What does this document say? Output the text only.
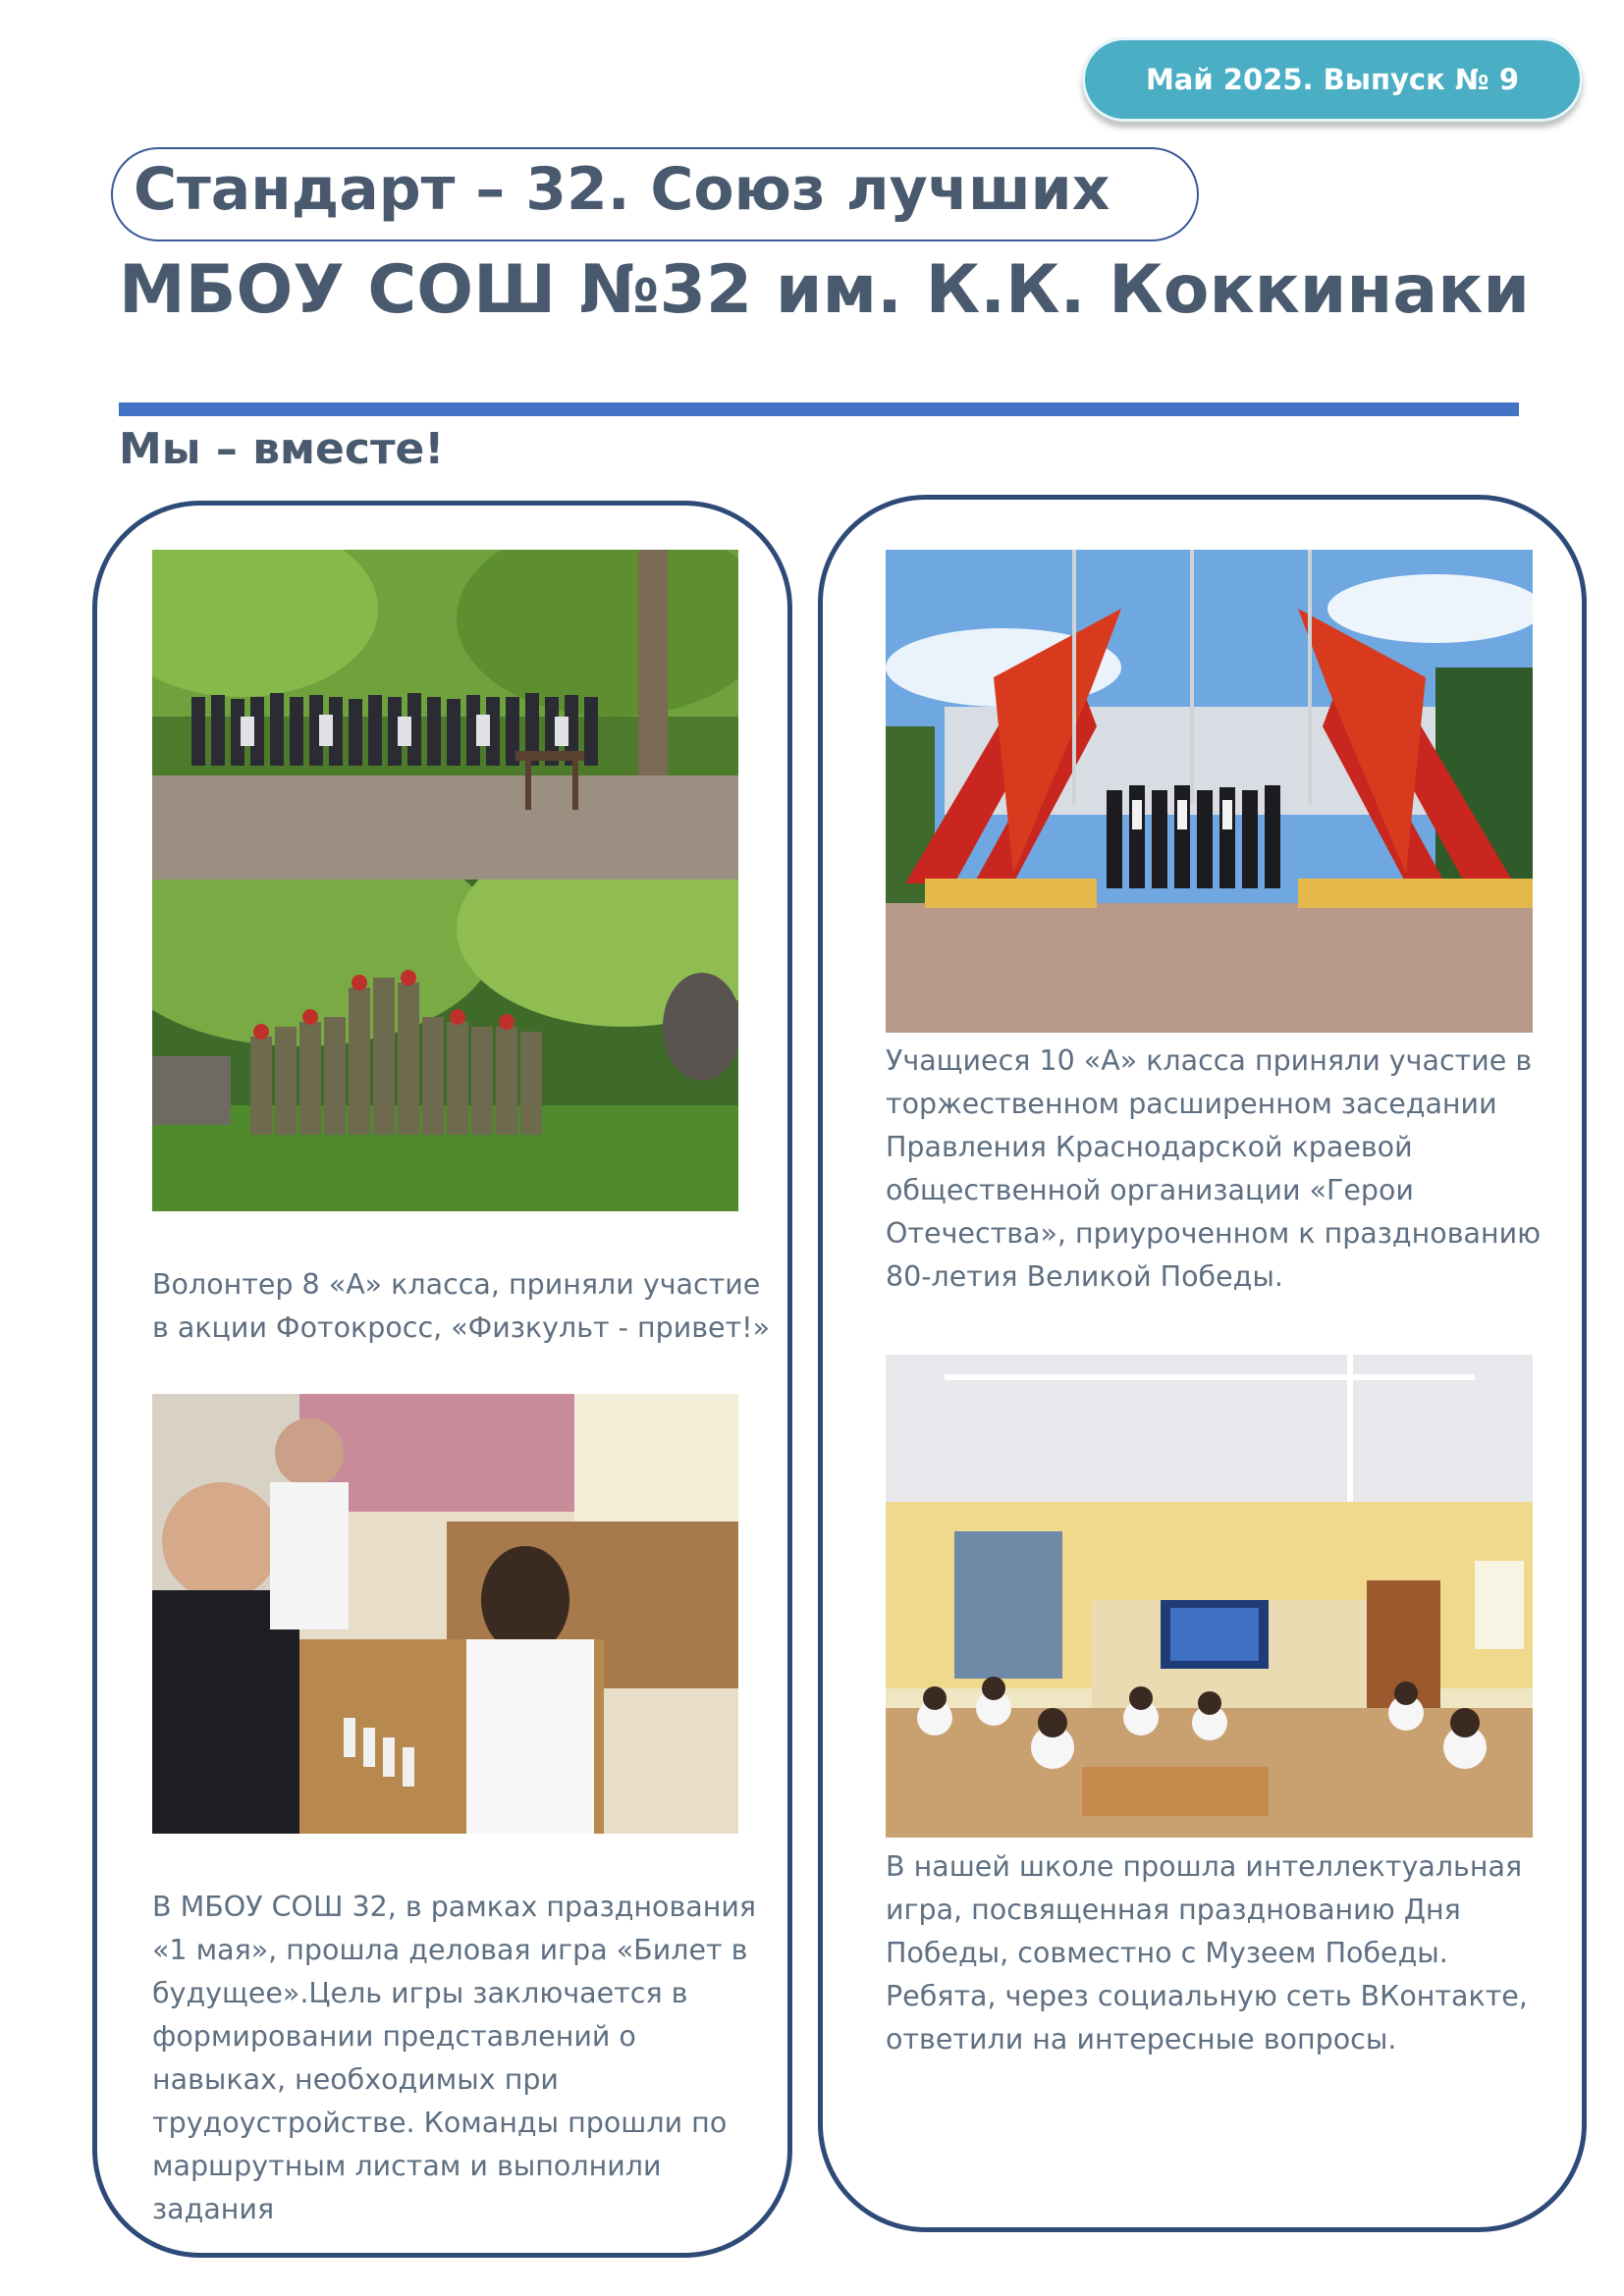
Май 2025. Выпуск № 9
Стандарт – 32. Союз лучших
МБОУ СОШ №32 им. К.К. Коккинаки
Мы – вместе!
Волонтер 8 «А» класса, приняли участие
в акции Фотокросс, «Физкульт - привет!»
В МБОУ СОШ 32, в рамках празднования
«1 мая», прошла деловая игра «Билет в
будущее».Цель игры заключается в
формировании представлений о
навыках, необходимых при
трудоустройстве. Команды прошли по
маршрутным листам и выполнили
задания
Учащиеся 10 «А» класса приняли участие в
торжественном расширенном заседании
Правления Краснодарской краевой
общественной организации «Герои
Отечества», приуроченном к празднованию
80-летия Великой Победы.
В нашей школе прошла интеллектуальная
игра, посвященная празднованию Дня
Победы, совместно с Музеем Победы.
Ребята, через социальную сеть ВКонтакте,
ответили на интересные вопросы.
